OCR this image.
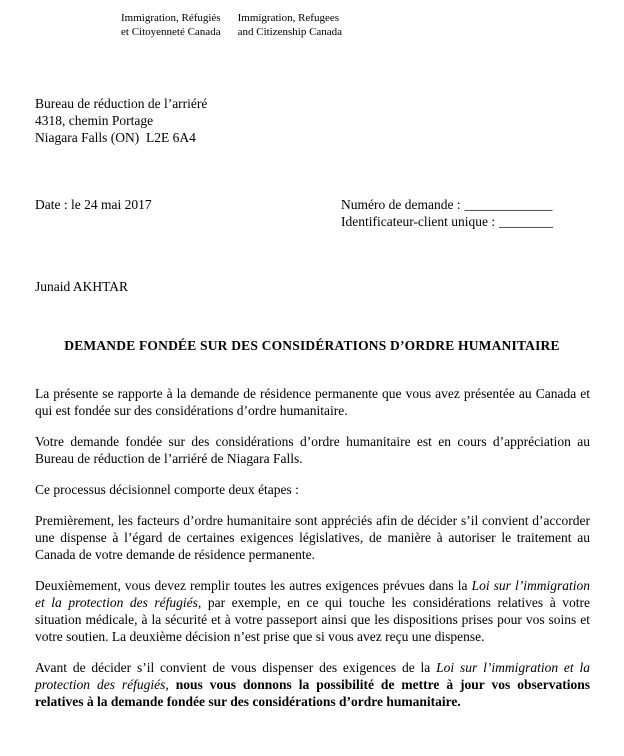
Immigration, Réfugiés
et Citoyenneté Canada
Immigration, Refugees
and Citizenship Canada
Bureau de réduction de l’arriéré
4318, chemin Portage
Niagara Falls (ON)  L2E 6A4
Date : le 24 mai 2017	Numéro de demande : _____________
Identificateur-client unique : ________
Junaid AKHTAR
DEMANDE FONDÉE SUR DES CONSIDÉRATIONS D’ORDRE HUMANITAIRE

La présente se rapporte à la demande de résidence permanente que vous avez présentée au Canada et qui est fondée sur des considérations d’ordre humanitaire.

Votre demande fondée sur des considérations d’ordre humanitaire est en cours d’appréciation au Bureau de réduction de l’arriéré de Niagara Falls.

Ce processus décisionnel comporte deux étapes :

Premièrement, les facteurs d’ordre humanitaire sont appréciés afin de décider s’il convient d’accorder une dispense à l’égard de certaines exigences législatives, de manière à autoriser le traitement au Canada de votre demande de résidence permanente.

Deuxièmement, vous devez remplir toutes les autres exigences prévues dans la Loi sur l’immigration et la protection des réfugiés, par exemple, en ce qui touche les considérations relatives à votre situation médicale, à la sécurité et à votre passeport ainsi que les dispositions prises pour vos soins et votre soutien. La deuxième décision n’est prise que si vous avez reçu une dispense.

Avant de décider s’il convient de vous dispenser des exigences de la Loi sur l’immigration et la protection des réfugiés, nous vous donnons la possibilité de mettre à jour vos observations relatives à la demande fondée sur des considérations d’ordre humanitaire.
